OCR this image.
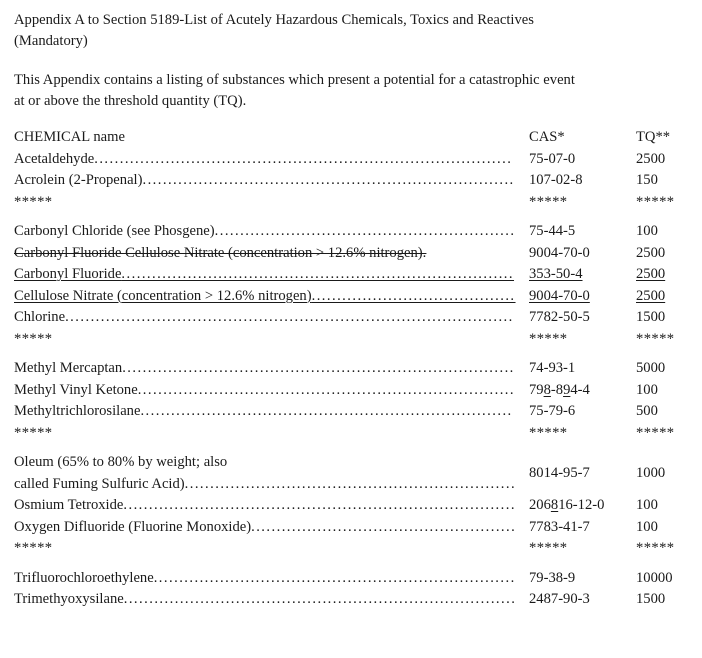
Appendix A to Section 5189-List of Acutely Hazardous Chemicals, Toxics and Reactives
(Mandatory)
This Appendix contains a listing of substances which present a potential for a catastrophic event
at or above the threshold quantity (TQ).
CHEMICAL name	CAS*	TQ**

Acetaldehyde..................................................................................	75-07-0	2500

Acrolein (2-Propenal).........................................................................	107-02-8	150
*****	*****	*****

Carbonyl Chloride (see Phosgene)...........................................................	75-44-5	100

Carbonyl Fluoride Cellulose Nitrate (concentration > 12.6% nitrogen).	9004-70-0	2500

Carbonyl Fluoride.............................................................................	353-50-4	2500

Cellulose Nitrate (concentration > 12.6% nitrogen)........................................	9004-70-0	2500

Chlorine........................................................................................	7782-50-5	1500
*****	*****	*****

Methyl Mercaptan.............................................................................	74-93-1	5000

Methyl Vinyl Ketone..........................................................................	798-894-4	100

Methyltrichlorosilane.........................................................................	75-79-6	500
*****	*****	*****

Oleum (65% to 80% by weight; also
called Fuming Sulfuric Acid).................................................................	8014-95-7	1000

Osmium Tetroxide.............................................................................	206816-12-0	100

Oxygen Difluoride (Fluorine Monoxide)....................................................	7783-41-7	100
*****	*****	*****

Trifluorochloroethylene.......................................................................	79-38-9	10000

Trimethyoxysilane.............................................................................	2487-90-3	1500
